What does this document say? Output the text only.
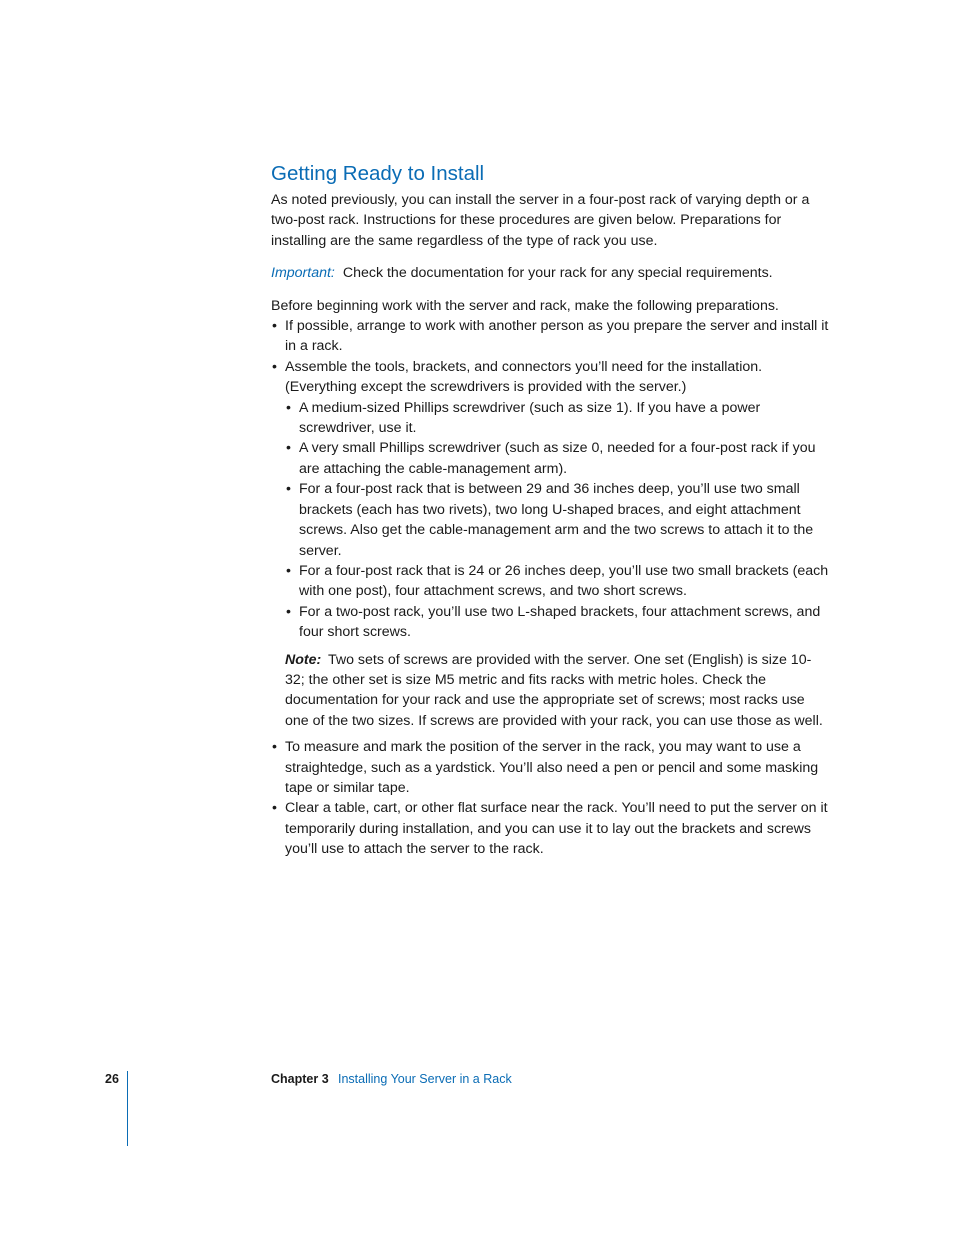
Getting Ready to Install

As noted previously, you can install the server in a four-post rack of varying depth or a two-post rack. Instructions for these procedures are given below. Preparations for installing are the same regardless of the type of rack you use.

Important: Check the documentation for your rack for any special requirements.

Before beginning work with the server and rack, make the following preparations.

• If possible, arrange to work with another person as you prepare the server and install it in a rack.
• Assemble the tools, brackets, and connectors you’ll need for the installation. (Everything except the screwdrivers is provided with the server.)
• A medium-sized Phillips screwdriver (such as size 1). If you have a power screwdriver, use it.
• A very small Phillips screwdriver (such as size 0, needed for a four-post rack if you are attaching the cable-management arm).
• For a four-post rack that is between 29 and 36 inches deep, you’ll use two small brackets (each has two rivets), two long U-shaped braces, and eight attachment screws. Also get the cable-management arm and the two screws to attach it to the server.
• For a four-post rack that is 24 or 26 inches deep, you’ll use two small brackets (each with one post), four attachment screws, and two short screws.
• For a two-post rack, you’ll use two L-shaped brackets, four attachment screws, and four short screws.

Note: Two sets of screws are provided with the server. One set (English) is size 10-32; the other set is size M5 metric and fits racks with metric holes. Check the documentation for your rack and use the appropriate set of screws; most racks use one of the two sizes. If screws are provided with your rack, you can use those as well.

• To measure and mark the position of the server in the rack, you may want to use a straightedge, such as a yardstick. You’ll also need a pen or pencil and some masking tape or similar tape.
• Clear a table, cart, or other flat surface near the rack. You’ll need to put the server on it temporarily during installation, and you can use it to lay out the brackets and screws you’ll use to attach the server to the rack.
26	Chapter 3 Installing Your Server in a Rack
